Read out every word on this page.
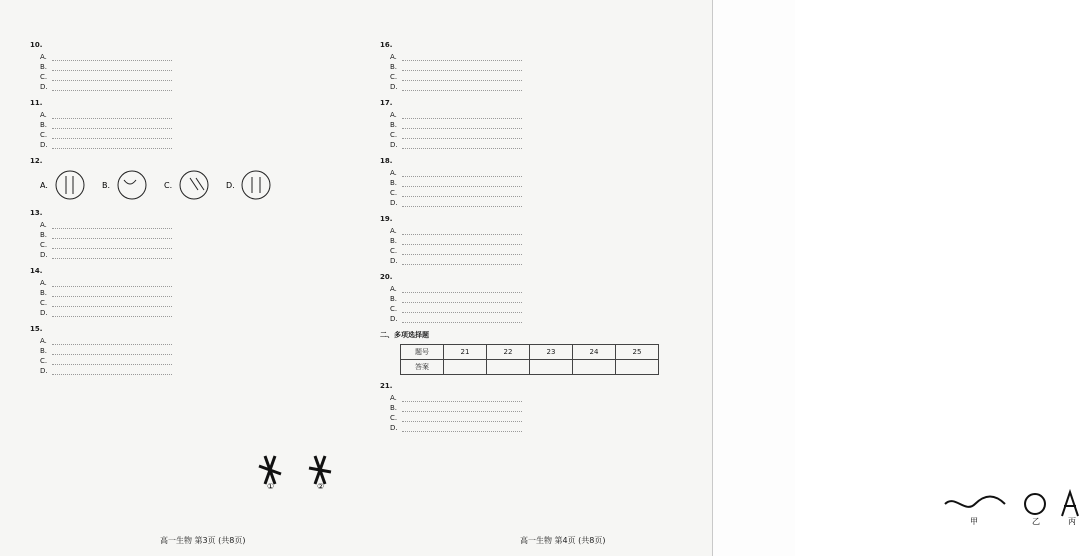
10.
A.
B.
C.
D.
11.
A.
B.
C.
D.
12.
A.	B.	C.	D.
13.
A.
B.
C.
D.
14.
A.
B.
C.
D.
15.
A.
B.
C.
D.
①	②
16.
A.
B.
C.
D.
17.
A.
B.
C.
D.
18.
A.
B.
C.
D.
19.
A.
B.
C.
D.
20.
A.
B.
C.
D.
二、多项选择题
题号	21	22	23	24	25
答案					
21.
A.
B.
C.
D.
甲	乙	丙
高一生物 第3页 (共8页)	高一生物 第4页 (共8页)
